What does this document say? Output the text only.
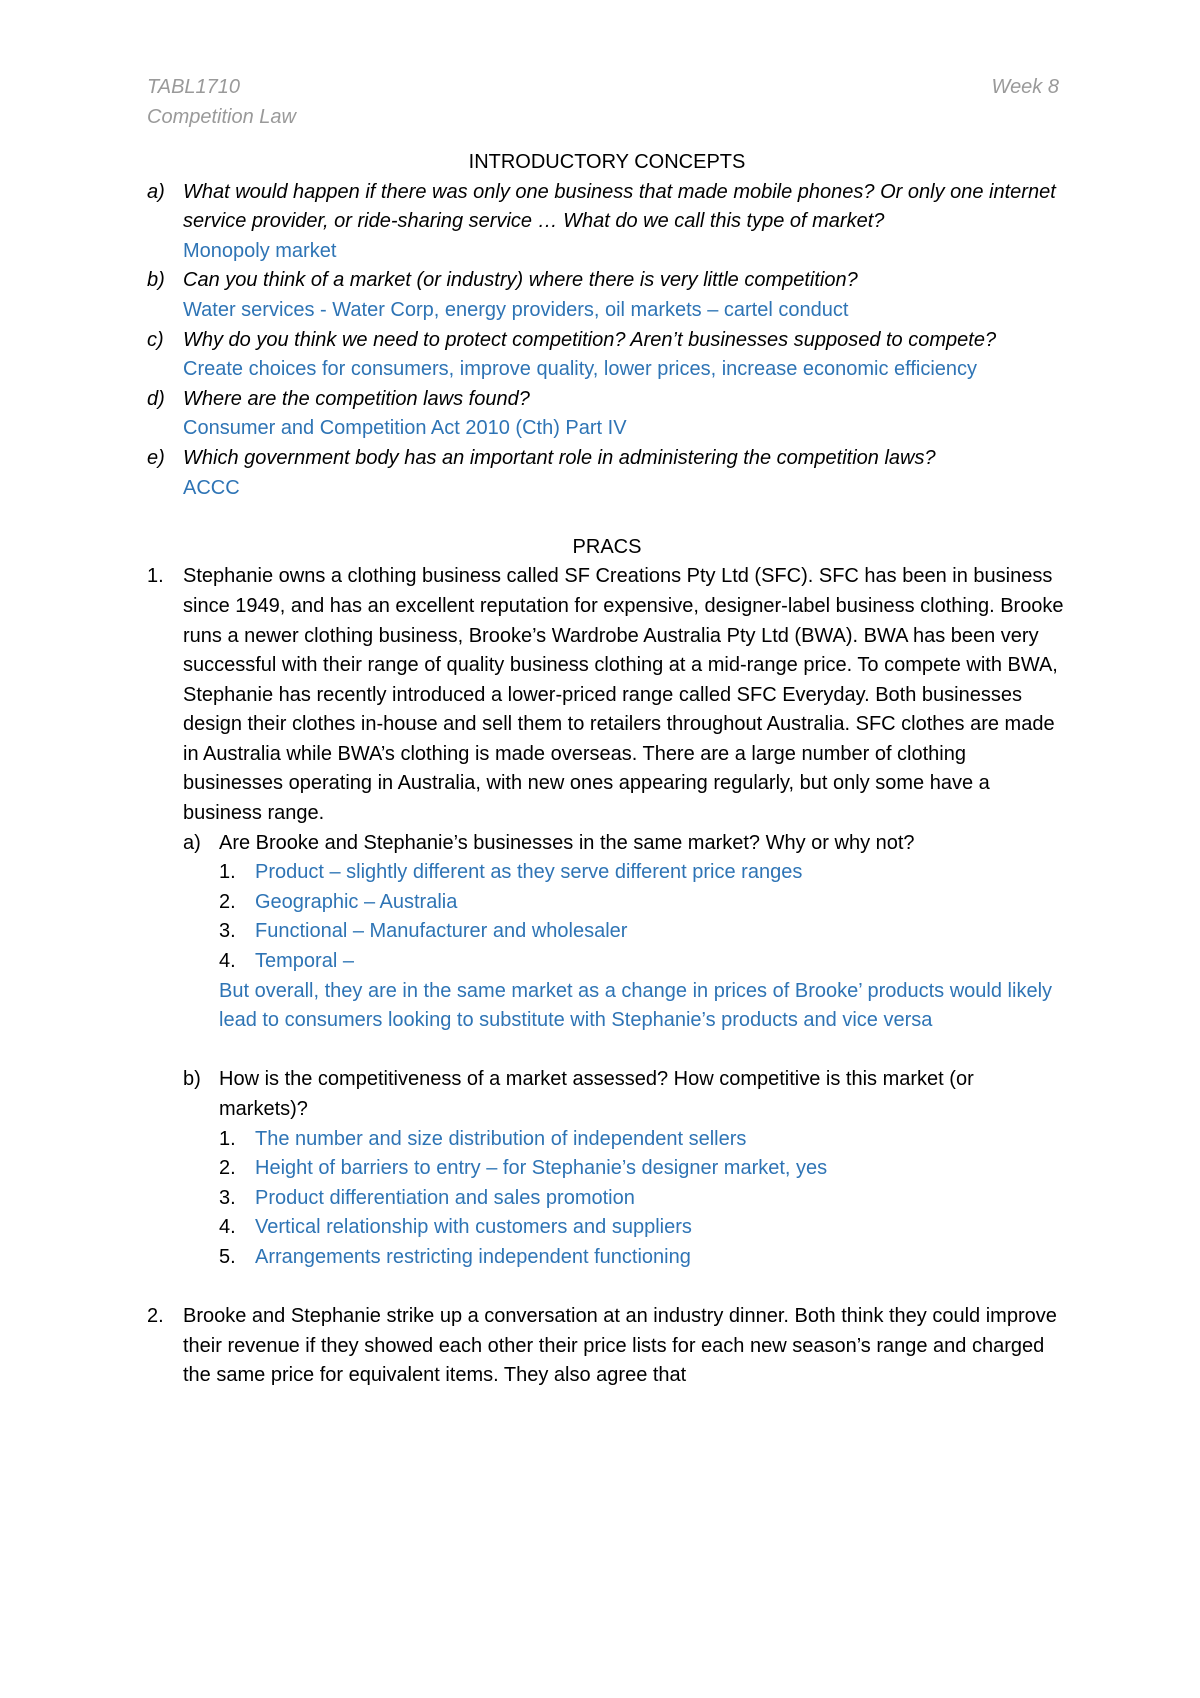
TABL1710	Week 8
Competition Law

INTRODUCTORY CONCEPTS

a) What would happen if there was only one business that made mobile phones? Or only one internet service provider, or ride-sharing service … What do we call this type of market?
Monopoly market
b) Can you think of a market (or industry) where there is very little competition?
Water services - Water Corp, energy providers, oil markets – cartel conduct
c) Why do you think we need to protect competition? Aren’t businesses supposed to compete?
Create choices for consumers, improve quality, lower prices, increase economic efficiency
d) Where are the competition laws found?
Consumer and Competition Act 2010 (Cth) Part IV
e) Which government body has an important role in administering the competition laws?
ACCC

PRACS

1. Stephanie owns a clothing business called SF Creations Pty Ltd (SFC). SFC has been in business since 1949, and has an excellent reputation for expensive, designer-label business clothing. Brooke runs a newer clothing business, Brooke’s Wardrobe Australia Pty Ltd (BWA). BWA has been very successful with their range of quality business clothing at a mid-range price. To compete with BWA, Stephanie has recently introduced a lower-priced range called SFC Everyday. Both businesses design their clothes in-house and sell them to retailers throughout Australia. SFC clothes are made in Australia while BWA’s clothing is made overseas. There are a large number of clothing businesses operating in Australia, with new ones appearing regularly, but only some have a business range.
a) Are Brooke and Stephanie’s businesses in the same market? Why or why not?
1. Product – slightly different as they serve different price ranges
2. Geographic – Australia
3. Functional – Manufacturer and wholesaler
4. Temporal –
But overall, they are in the same market as a change in prices of Brooke’ products would likely lead to consumers looking to substitute with Stephanie’s products and vice versa
b) How is the competitiveness of a market assessed? How competitive is this market (or markets)?
1. The number and size distribution of independent sellers
2. Height of barriers to entry – for Stephanie’s designer market, yes
3. Product differentiation and sales promotion
4. Vertical relationship with customers and suppliers
5. Arrangements restricting independent functioning
2. Brooke and Stephanie strike up a conversation at an industry dinner. Both think they could improve their revenue if they showed each other their price lists for each new season’s range and charged the same price for equivalent items. They also agree that
